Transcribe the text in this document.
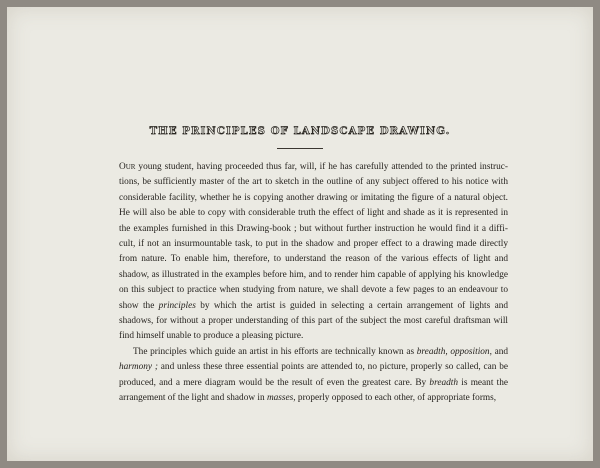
THE PRINCIPLES OF LANDSCAPE DRAWING.
Our young student, having proceeded thus far, will, if he has carefully attended to the printed instruc-
tions, be sufficiently master of the art to sketch in the outline of any subject offered to his notice with
considerable facility, whether he is copying another drawing or imitating the figure of a natural object.
He will also be able to copy with considerable truth the effect of light and shade as it is represented in
the examples furnished in this Drawing-book ; but without further instruction he would find it a diffi-
cult, if not an insurmountable task, to put in the shadow and proper effect to a drawing made directly
from nature. To enable him, therefore, to understand the reason of the various effects of light and
shadow, as illustrated in the examples before him, and to render him capable of applying his knowledge
on this subject to practice when studying from nature, we shall devote a few pages to an endeavour to
show the principles by which the artist is guided in selecting a certain arrangement of lights and
shadows, for without a proper understanding of this part of the subject the most careful draftsman will
find himself unable to produce a pleasing picture.
The principles which guide an artist in his efforts are technically known as breadth, opposition, and
harmony ; and unless these three essential points are attended to, no picture, properly so called, can be
produced, and a mere diagram would be the result of even the greatest care. By breadth is meant the
arrangement of the light and shadow in masses, properly opposed to each other, of appropriate forms,
